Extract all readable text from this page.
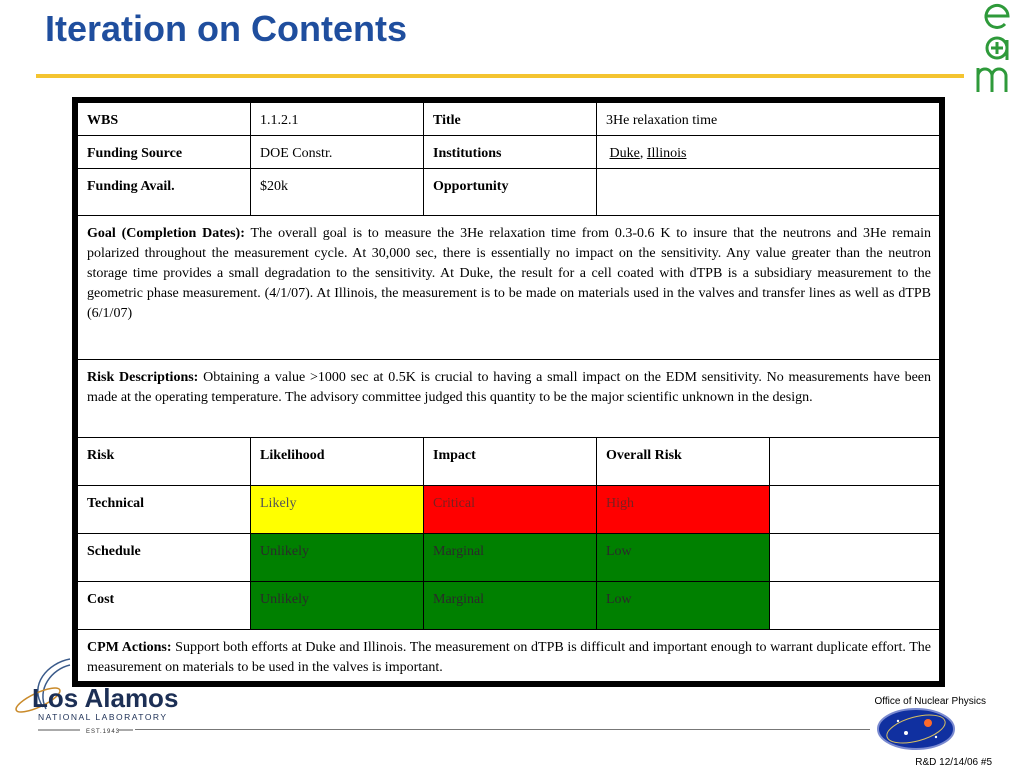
Iteration on Contents
WBS	1.1.2.1	Title	3He relaxation time	
Funding Source	DOE Constr.	Institutions	Duke, Illinois	
Funding Avail.	$20k	Opportunity		
Goal (Completion Dates): The overall goal is to measure the 3He relaxation time from 0.3-0.6 K to insure that the neutrons and 3He remain polarized throughout the measurement cycle. At 30,000 sec, there is essentially no impact on the sensitivity. Any value greater than the neutron storage time provides a small degradation to the sensitivity. At Duke, the result for a cell coated with dTPB is a subsidiary measurement to the geometric phase measurement. (4/1/07). At Illinois, the measurement is to be made on materials used in the valves and transfer lines as well as dTPB (6/1/07)				
Risk Descriptions: Obtaining a value >1000 sec at 0.5K is crucial to having a small impact on the EDM sensitivity. No measurements have been made at the operating temperature. The advisory committee judged this quantity to be the major scientific unknown in the design.				
Risk	Likelihood	Impact	Overall Risk	
Technical	Likely	Critical	High	
Schedule	Unlikely	Marginal	Low	
Cost	Unlikely	Marginal	Low	
CPM Actions: Support both efforts at Duke and Illinois. The measurement on dTPB is difficult and important enough to warrant duplicate effort. The measurement on materials to be used in the valves is important.				
Los Alamos
NATIONAL LABORATORY
EST.1943
Office of Nuclear Physics
R&D 12/14/06 #5
